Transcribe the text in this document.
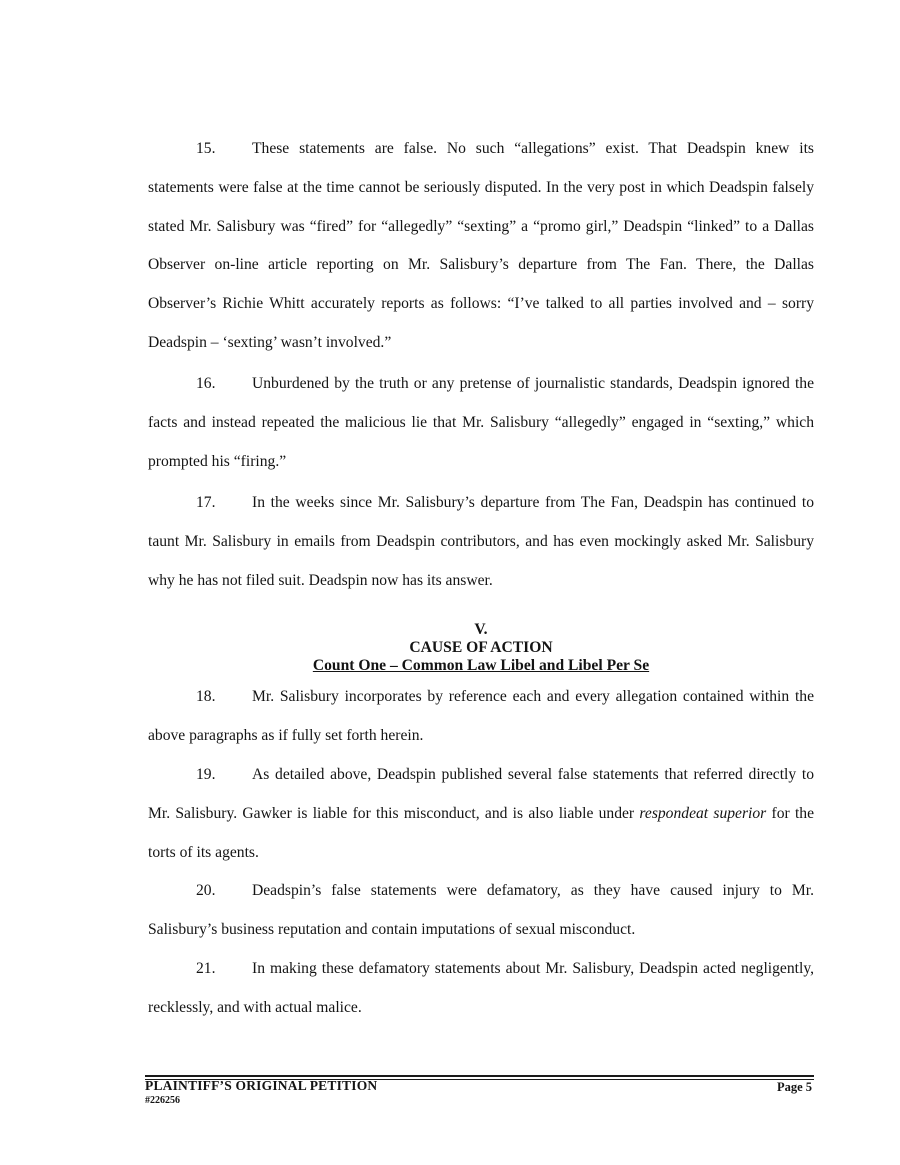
15. These statements are false. No such “allegations” exist. That Deadspin knew its statements were false at the time cannot be seriously disputed. In the very post in which Deadspin falsely stated Mr. Salisbury was “fired” for “allegedly” “sexting” a “promo girl,” Deadspin “linked” to a Dallas Observer on-line article reporting on Mr. Salisbury’s departure from The Fan. There, the Dallas Observer’s Richie Whitt accurately reports as follows: “I’ve talked to all parties involved and – sorry Deadspin – ‘sexting’ wasn’t involved.”

16. Unburdened by the truth or any pretense of journalistic standards, Deadspin ignored the facts and instead repeated the malicious lie that Mr. Salisbury “allegedly” engaged in “sexting,” which prompted his “firing.”

17. In the weeks since Mr. Salisbury’s departure from The Fan, Deadspin has continued to taunt Mr. Salisbury in emails from Deadspin contributors, and has even mockingly asked Mr. Salisbury why he has not filed suit. Deadspin now has its answer.

V.
CAUSE OF ACTION
Count One – Common Law Libel and Libel Per Se

18. Mr. Salisbury incorporates by reference each and every allegation contained within the above paragraphs as if fully set forth herein.

19. As detailed above, Deadspin published several false statements that referred directly to Mr. Salisbury. Gawker is liable for this misconduct, and is also liable under respondeat superior for the torts of its agents.

20. Deadspin’s false statements were defamatory, as they have caused injury to Mr. Salisbury’s business reputation and contain imputations of sexual misconduct.

21. In making these defamatory statements about Mr. Salisbury, Deadspin acted negligently, recklessly, and with actual malice.

PLAINTIFF’S ORIGINAL PETITION	Page 5
#226256
